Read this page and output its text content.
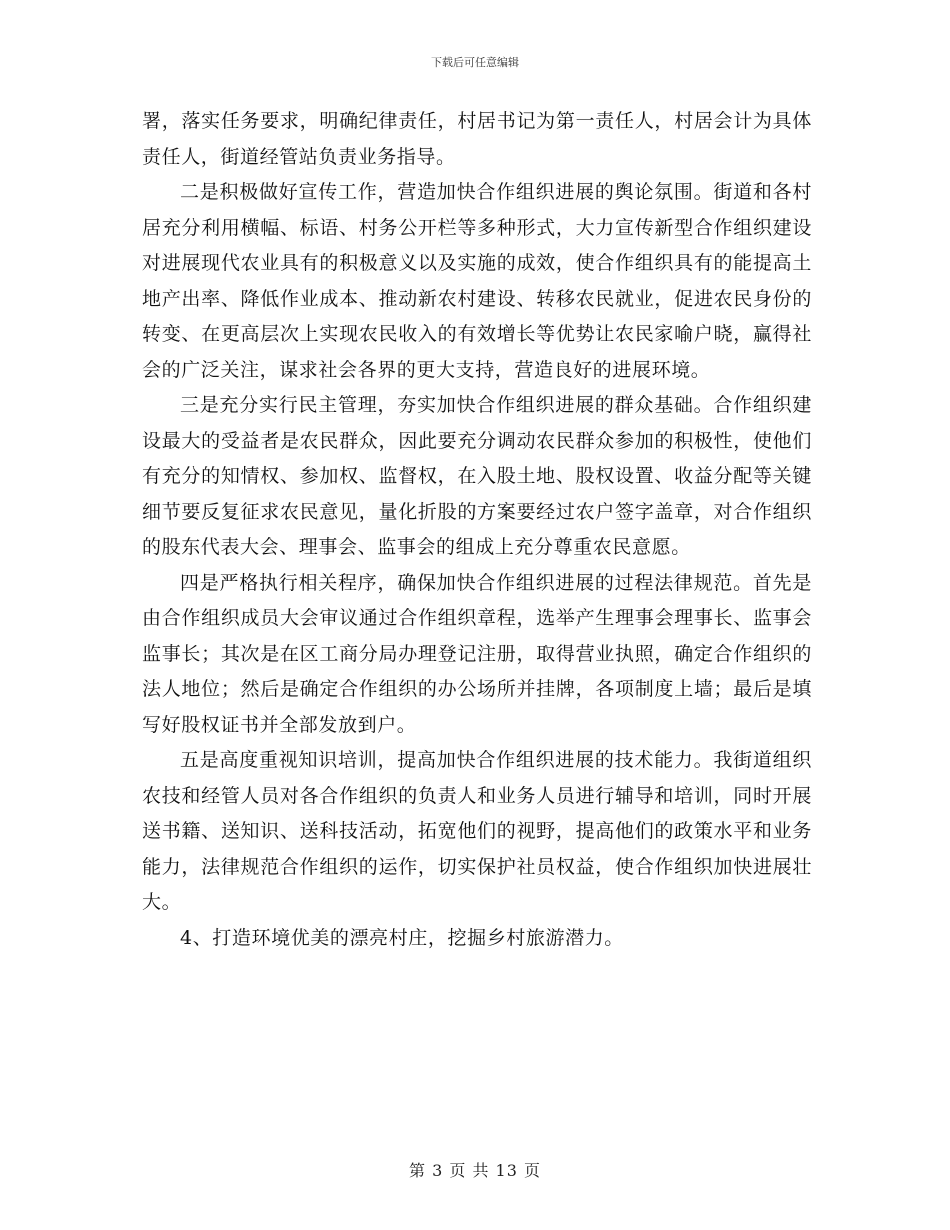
下载后可任意编辑

署，落实任务要求，明确纪律责任，村居书记为第一责任人，村居会计为具体责任人，街道经管站负责业务指导。

二是积极做好宣传工作，营造加快合作组织进展的舆论氛围。街道和各村居充分利用横幅、标语、村务公开栏等多种形式，大力宣传新型合作组织建设对进展现代农业具有的积极意义以及实施的成效，使合作组织具有的能提高土地产出率、降低作业成本、推动新农村建设、转移农民就业，促进农民身份的转变、在更高层次上实现农民收入的有效增长等优势让农民家喻户晓，赢得社会的广泛关注，谋求社会各界的更大支持，营造良好的进展环境。

三是充分实行民主管理，夯实加快合作组织进展的群众基础。合作组织建设最大的受益者是农民群众，因此要充分调动农民群众参加的积极性，使他们有充分的知情权、参加权、监督权，在入股土地、股权设置、收益分配等关键细节要反复征求农民意见，量化折股的方案要经过农户签字盖章，对合作组织的股东代表大会、理事会、监事会的组成上充分尊重农民意愿。

四是严格执行相关程序，确保加快合作组织进展的过程法律规范。首先是由合作组织成员大会审议通过合作组织章程，选举产生理事会理事长、监事会监事长；其次是在区工商分局办理登记注册，取得营业执照，确定合作组织的法人地位；然后是确定合作组织的办公场所并挂牌，各项制度上墙；最后是填写好股权证书并全部发放到户。

五是高度重视知识培训，提高加快合作组织进展的技术能力。我街道组织农技和经管人员对各合作组织的负责人和业务人员进行辅导和培训，同时开展送书籍、送知识、送科技活动，拓宽他们的视野，提高他们的政策水平和业务能力，法律规范合作组织的运作，切实保护社员权益，使合作组织加快进展壮大。

4、打造环境优美的漂亮村庄，挖掘乡村旅游潜力。

第 3 页 共 13 页
